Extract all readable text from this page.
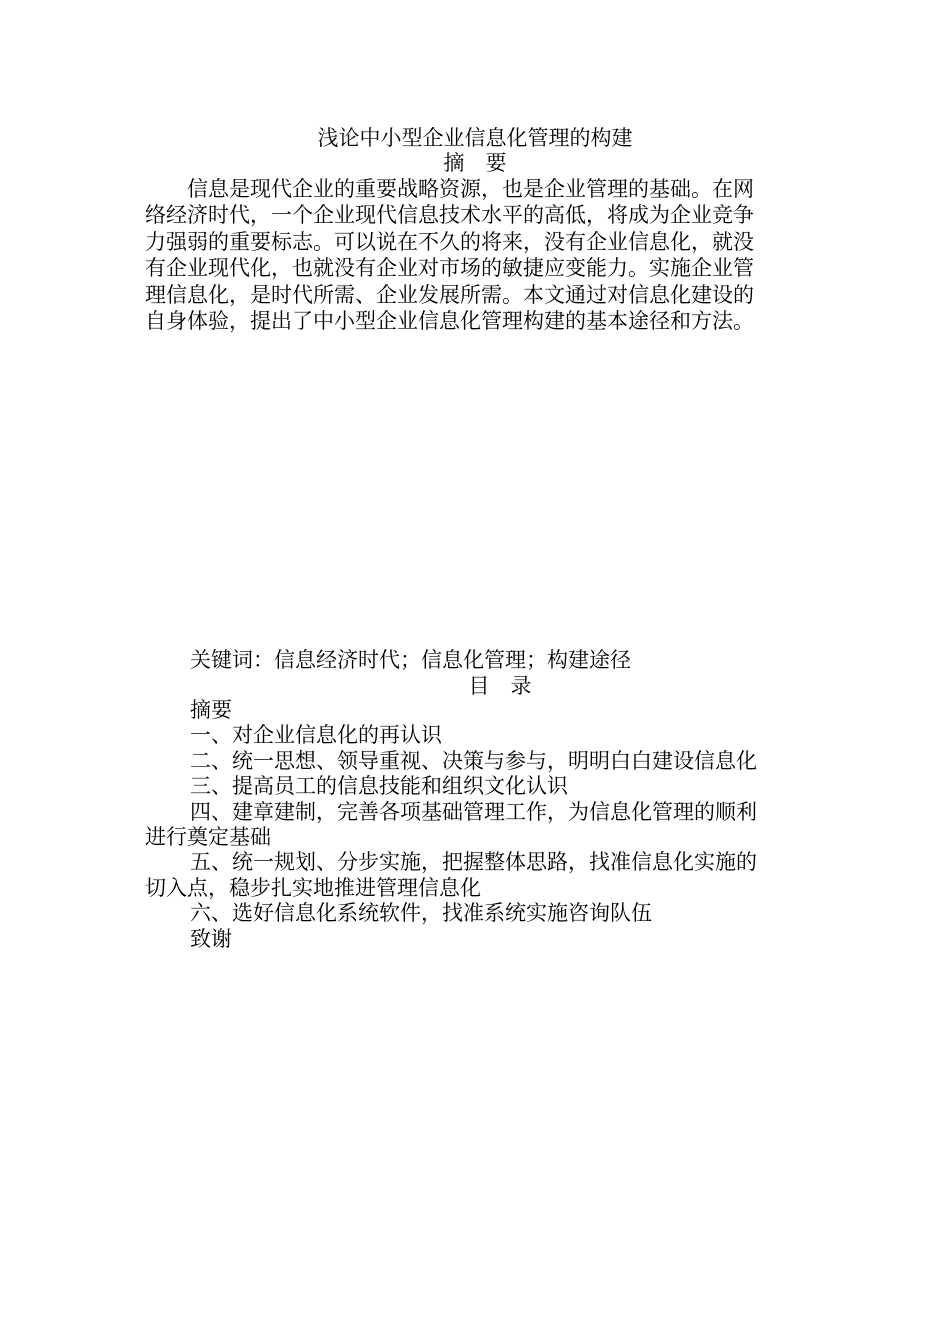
浅论中小型企业信息化管理的构建
摘　要
　　信息是现代企业的重要战略资源，也是企业管理的基础。在网
络经济时代，一个企业现代信息技术水平的高低，将成为企业竞争
力强弱的重要标志。可以说在不久的将来，没有企业信息化，就没
有企业现代化，也就没有企业对市场的敏捷应变能力。实施企业管
理信息化，是时代所需、企业发展所需。本文通过对信息化建设的
自身体验，提出了中小型企业信息化管理构建的基本途径和方法。
关键词：信息经济时代；信息化管理；构建途径
目　录
摘要
一、对企业信息化的再认识
二、统一思想、领导重视、决策与参与，明明白白建设信息化
三、提高员工的信息技能和组织文化认识
四、建章建制，完善各项基础管理工作，为信息化管理的顺利
进行奠定基础
五、统一规划、分步实施，把握整体思路，找准信息化实施的
切入点，稳步扎实地推进管理信息化
六、选好信息化系统软件，找准系统实施咨询队伍
致谢
